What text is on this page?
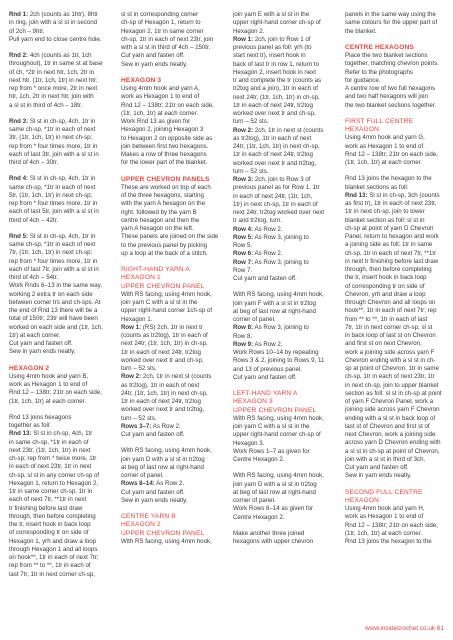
Rnd 1: 2ch (counts as 1htr), 8htr
in ring, join with a sl st in second
of 2ch – 9htr.
Pull yarn end to close centre hole.

Rnd 2: 4ch (counts as 1tr, 1ch
throughout), 1tr in same st at base
of ch, *2tr in next htr, 1ch, 2tr in
next htr, (1tr, 1ch, 1tr) in next htr;
rep from * once more, 2tr in next
htr, 1ch, 2tr in next htr, join with
a sl st in third of 4ch – 18tr.

Rnd 3: Sl st in ch-sp, 4ch, 1tr in
same ch-sp, *1tr in each of next
3tr, (1tr, 1ch, 1tr) in next ch-sp;
rep from * four times more, 1tr in
each of last 3tr, join with a sl st in
third of 4ch – 30tr.

Rnd 4: Sl st in ch-sp, 4ch, 1tr in
same ch-sp, *1tr in each of next
5tr, (1tr, 1ch, 1tr) in next ch-sp;
rep from * four times more, 1tr in
each of last 5tr, join with a sl st in
third of 4ch – 42tr.

Rnd 5: Sl st in ch-sp, 4ch, 1tr in
same ch-sp, *1tr in each of next
7tr, (1tr, 1ch, 1tr) in next ch-sp;
rep from * four times more, 1tr in
each of last 7tr, join with a sl st in
third of 4ch – 54tr.
Work Rnds 6–13 in the same way,
working 2 extra tr on each side
between corner trs and ch-sps. At
the end of Rnd 13 there will be a
total of 150tr; 23tr will have been
worked on each side and (1tr, 1ch,
1tr) at each corner.
Cut yarn and fasten off.
Sew in yarn ends neatly.

HEXAGON 2

Using 4mm hook and yarn B,
work as Hexagon 1 to end of
Rnd 12 – 138tr; 21tr on each side,
(1tr, 1ch, 1tr) at each corner.

Rnd 13 joins hexagons
together as foll:
Rnd 13: Sl st in ch-sp, 4ch, 1tr
in same ch-sp, *1tr in each of
next 23tr, (1tr, 1ch, 1tr) in next
ch-sp; rep from * twice more, 1tr
in each of next 23tr, 1tr in next
ch-sp, sl st in any corner ch-sp of
Hexagon 1, return to Hexagon 2,
1tr in same corner ch-sp, 1tr in
each of next 7tr, **1tr in next
tr finishing before last draw
through, then before completing
the tr, insert hook in back loop
of corresponding tr on side of
Hexagon 1, yrh and draw a loop
through Hexagon 1 and all loops
on hook**, 1tr in each of next 7tr;
rep from ** to **, 1tr in each of
last 7tr, 1tr in next corner ch-sp,

sl st in corresponding corner
ch-sp of Hexagon 1, return to
Hexagon 2, 1tr in same corner
ch-sp, 1tr in each of next 23tr, join
with a sl st in third of 4ch – 150tr.
Cut yarn and fasten off.
Sew in yarn ends neatly.

HEXAGON 3

Using 4mm hook and yarn A,
work as Hexagon 1 to end of
Rnd 12 – 138tr; 21tr on each side,
(1tr, 1ch, 1tr) at each corner.
Work Rnd 13 as given for
Hexagon 2, joining Hexagon 3
to Hexagon 2 on opposite side as
join between first two hexagons.
Makes a row of three hexagons
for the lower part of the blanket.

UPPER CHEVRON PANELS

These are worked on top of each
of the three hexagons, starting
with the yarn A hexagon on the
right, followed by the yarn B
centre hexagon and then the
yarn A hexagon on the left.
These panels are joined on the side
to the previous panel by picking
up a loop at the back of a stitch.

RIGHT-HAND YARN A
HEXAGON 1
UPPER CHEVRON PANEL

With RS facing, using 4mm hook,
join yarn C with a sl st in the
upper right-hand corner 1ch-sp of
Hexagon 1.
Row 1: (RS) 2ch, 1tr in next tr
(counts as tr2tog), 1tr in each of
next 24tr, (1tr, 1ch, 1tr) in ch-sp,
1tr in each of next 24tr, tr2tog
worked over next tr and ch-sp,
turn – 52 sts.
Row 2: 2ch, 1tr in next st (counts
as tr2tog), 1tr in each of next
24tr, (1tr, 1ch, 1tr) in next ch-sp,
1tr in each of next 24tr, tr2tog
worked over next tr and tr2tog,
turn – 52 sts.
Rows 3–7: As Row 2.
Cut yarn and fasten off.

With RS facing, using 4mm hook,
join yarn D with a sl st in tr2tog
at beg of last row at right-hand
corner of panel.
Rows 8–14: As Row 2.
Cut yarn and fasten off.
Sew in yarn ends neatly.

CENTRE YARN B
HEXAGON 2
UPPER CHEVRON PANEL

With RS facing, using 4mm hook,

join yarn E with a sl st in the
upper right-hand corner ch-sp of
Hexagon 2.
Row 1: 2ch, join to Row 1 of
previous panel as foll: yrh (to
start next tr), insert hook in
back of last tr in row 1, return to
Hexagon 2, insert hook in next
tr and complete the tr (counts as
tr2tog and a join), 1tr in each of
next 24tr, (1tr, 1ch, 1tr) in ch-sp,
1tr in each of next 24tr, tr2tog
worked over next tr and ch-sp,
turn – 52 sts.
Row 2: 2ch, 1tr in next st (counts
as tr2tog), 1tr in each of next
24tr, (1tr, 1ch, 1tr) in next ch-sp,
1tr in each of next 24tr, tr2tog
worked over next tr and tr2tog,
turn – 52 sts.
Row 3: 2ch, join to Row 3 of
previous panel as for Row 1, 1tr
in each of next 24tr, (1tr, 1ch,
1tr) in next ch-sp, 1tr in each of
next 24tr, tr2tog worked over next
tr and tr2tog, turn.
Row 4: As Row 2.
Row 5: As Row 3, joining to
Row 5.
Row 6: As Row 2.
Row 7: As Row 3, joining to
Row 7.
Cut yarn and fasten off.

With RS facing, using 4mm hook,
join yarn F with a sl st in tr2tog
at beg of last row at right-hand
corner of panel.
Row 8: As Row 3, joining to
Row 8.
Row 9: As Row 2.
Work Rows 10–14 by repeating
Rows 3 & 2, joining to Rows 9, 11
and 13 of previous panel.
Cut yarn and fasten off.

LEFT-HAND YARN A
HEXAGON 3
UPPER CHEVRON PANEL

With RS facing, using 4mm hook,
join yarn C with a sl st in the
upper right-hand corner ch-sp of
Hexagon 3.
Work Rows 1–7 as given for
Centre Hexagon 2.

With RS facing, using 4mm hook,
join yarn D with a sl st in tr2tog
at beg of last row at right-hand
corner of panel.
Work Rows 8–14 as given for
Centre Hexagon 2.

Make another three joined
hexagons with upper chevron

panels in the same way using the
same colours for the upper part of
the blanket.

CENTRE HEXAGONS

Place the two blanket sections
together, matching chevron points.
Refer to the photographs
for guidance.
A centre row of two full hexagons
and two half hexagons will join
the two blanket sections together.

FIRST FULL CENTRE
HEXAGON

Using 4mm hook and yarn G,
work as Hexagon 1 to end of
Rnd 12 – 138tr; 21tr on each side,
(1tr, 1ch, 1tr) at each corner.

Rnd 13 joins the hexagon to the
blanket sections as foll:
Rnd 13: Sl st in ch-sp, 3ch (counts
as first tr), 1tr in each of next 23tr,
1tr in next ch-sp, join to lower
blanket section as foll: sl st in
ch-sp at point of yarn D Chevron
Panel, return to hexagon and work
a joining side as foll: 1tr in same
ch-sp, 1tr in each of next 7tr, **1tr
in next tr finishing before last draw
through, then before completing
the tr, insert hook in back loop
of corresponding tr on side of
Chevron, yrh and draw a loop
through Chevron and all loops on
hook**, 1tr in each of next 7tr; rep
from ** to **, 1tr in each of last
7tr, 1tr in next corner ch-sp, sl st
in back loop of last st on Chevron
and first st on next Chevron,
work a joining side across yarn F
Chevron ending with a sl st in ch-
sp at point of Chevron, 1tr in same
ch-sp, 1tr in each of next 23tr, 1tr
in next ch-sp, join to upper blanket
section as foll: sl st in ch-sp at point
of yarn F Chevron Panel, work a
joining side across yarn F Chevron
ending with a sl st in back loop of
last st of Chevron and first st of
next Chevron, work a joining side
across yarn D Chevron ending with
a sl st in ch-sp at point of Chevron,
join with a sl st in third of 3ch.
Cut yarn and fasten off.
Sew in yarn ends neatly.

SECOND FULL CENTRE
HEXAGON

Using 4mm hook and yarn H,
work as Hexagon 1 to end of
Rnd 12 – 138tr; 21tr on each side,
(1tr, 1ch, 1tr) at each corner.
Rnd 13 joins the hexagon to the

www.insidecrochet.co.uk 61
